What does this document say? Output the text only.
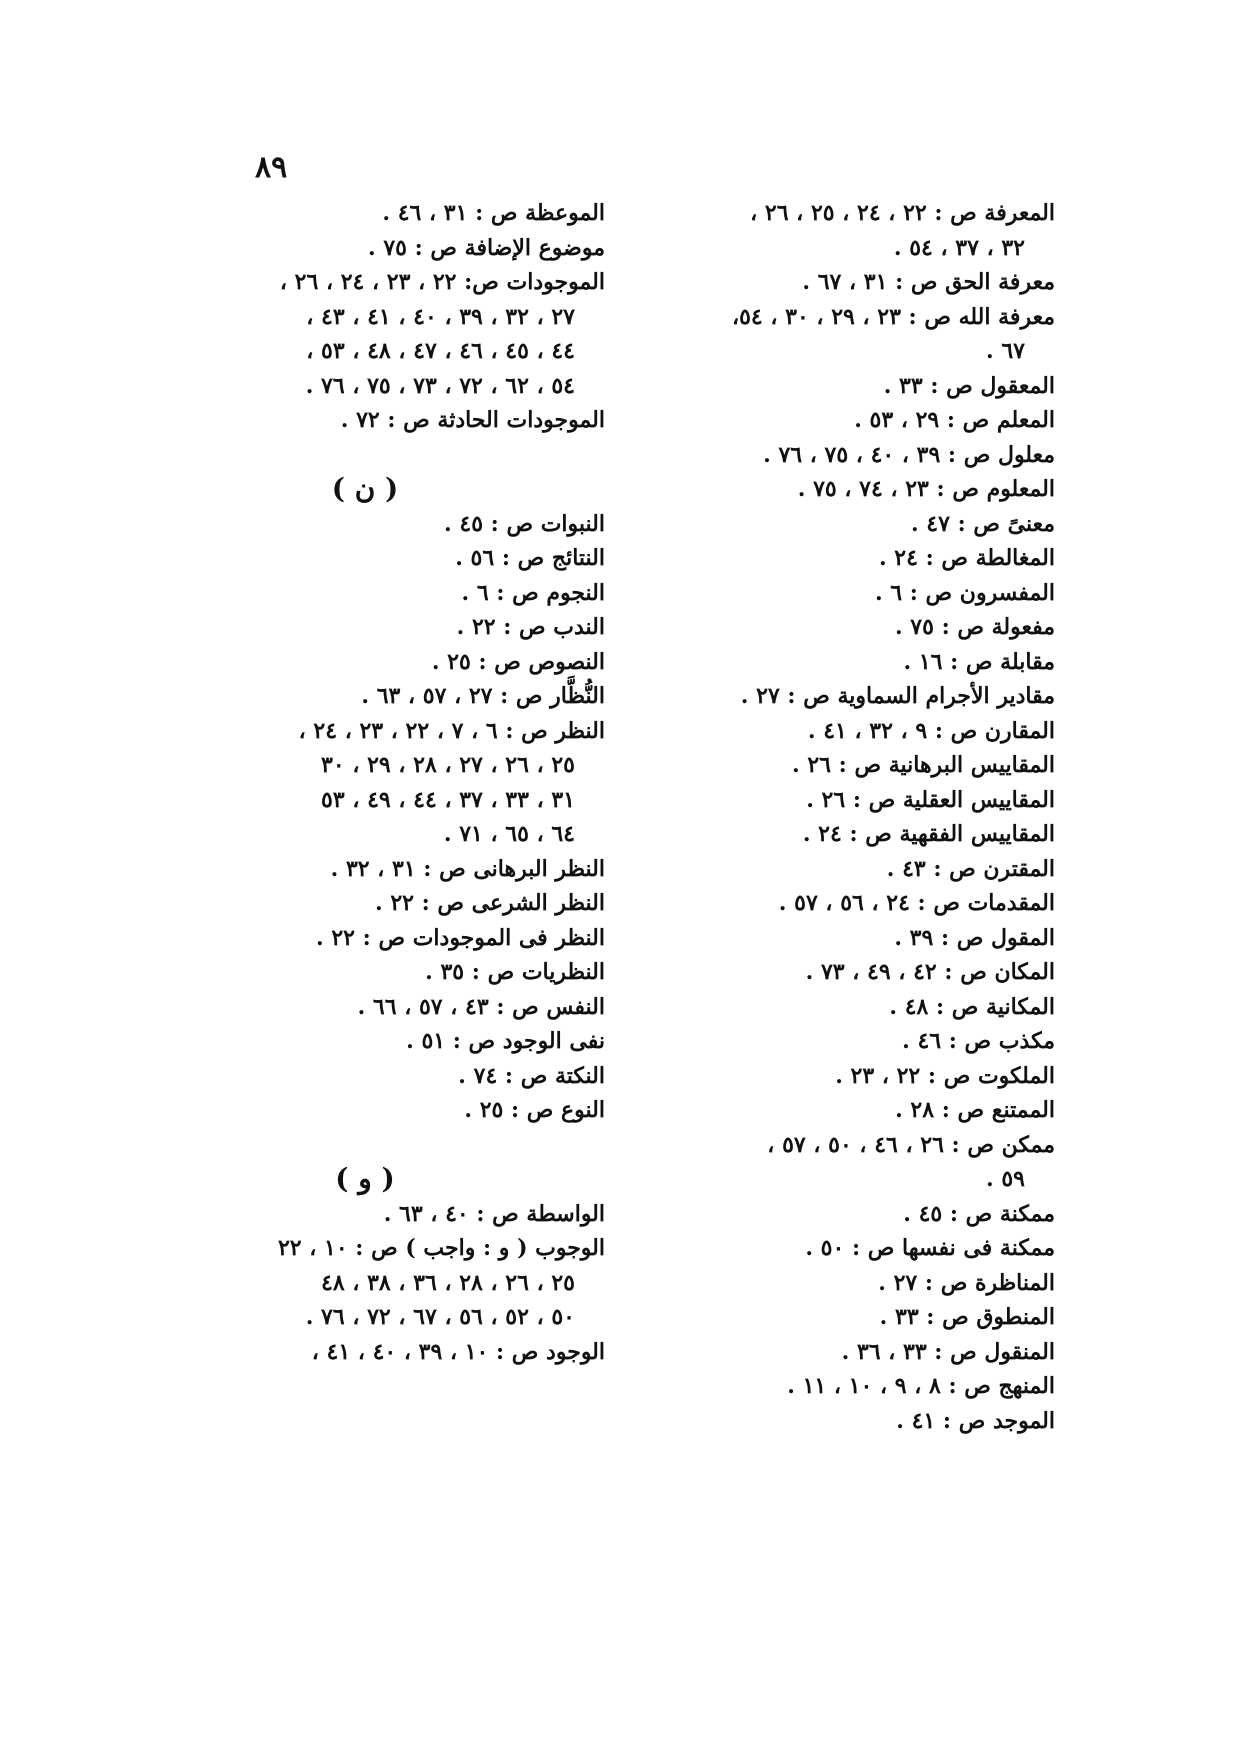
٨٩
المعرفة ص : ٢٢ ، ٢٤ ، ٢٥ ، ٢٦ ،
٣٢ ، ٣٧ ، ٥٤ .
معرفة الحق ص : ٣١ ، ٦٧ .
معرفة الله ص : ٢٣ ، ٢٩ ، ٣٠ ، ٥٤،
٦٧ .
المعقول ص : ٣٣ .
المعلم ص : ٢٩ ، ٥٣ .
معلول ص : ٣٩ ، ٤٠ ، ٧٥ ، ٧٦ .
المعلوم ص : ٢٣ ، ٧٤ ، ٧٥ .
معنىً ص : ٤٧ .
المغالطة ص : ٢٤ .
المفسرون ص : ٦ .
مفعولة ص : ٧٥ .
مقابلة ص : ١٦ .
مقادير الأجرام السماوية ص : ٢٧ .
المقارن ص : ٩ ، ٣٢ ، ٤١ .
المقاييس البرهانية ص : ٢٦ .
المقاييس العقلية ص : ٢٦ .
المقاييس الفقهية ص : ٢٤ .
المقترن ص : ٤٣ .
المقدمات ص : ٢٤ ، ٥٦ ، ٥٧ .
المقول ص : ٣٩ .
المكان ص : ٤٢ ، ٤٩ ، ٧٣ .
المكانية ص : ٤٨ .
مكذب ص : ٤٦ .
الملكوت ص : ٢٢ ، ٢٣ .
الممتنع ص : ٢٨ .
ممكن ص : ٢٦ ، ٤٦ ، ٥٠ ، ٥٧ ،
٥٩ .
ممكنة ص : ٤٥ .
ممكنة فى نفسها ص : ٥٠ .
المناظرة ص : ٢٧ .
المنطوق ص : ٣٣ .
المنقول ص : ٣٣ ، ٣٦ .
المنهج ص : ٨ ، ٩ ، ١٠ ، ١١ .
الموجد ص : ٤١ .
الموعظة ص : ٣١ ، ٤٦ .
موضوع الإضافة ص : ٧٥ .
الموجودات ص: ٢٢ ، ٢٣ ، ٢٤ ، ٢٦ ،
٢٧ ، ٣٢ ، ٣٩ ، ٤٠ ، ٤١ ، ٤٣ ،
٤٤ ، ٤٥ ، ٤٦ ، ٤٧ ، ٤٨ ، ٥٣ ،
٥٤ ، ٦٢ ، ٧٢ ، ٧٣ ، ٧٥ ، ٧٦ .
الموجودات الحادثة ص : ٧٢ .
( ن )
النبوات ص : ٤٥ .
النتائج ص : ٥٦ .
النجوم ص : ٦ .
الندب ص : ٢٢ .
النصوص ص : ٢٥ .
النُّظَّار ص : ٢٧ ، ٥٧ ، ٦٣ .
النظر ص : ٦ ، ٧ ، ٢٢ ، ٢٣ ، ٢٤ ،
٢٥ ، ٢٦ ، ٢٧ ، ٢٨ ، ٢٩ ، ٣٠
٣١ ، ٣٣ ، ٣٧ ، ٤٤ ، ٤٩ ، ٥٣
٦٤ ، ٦٥ ، ٧١ .
النظر البرهانى ص : ٣١ ، ٣٢ .
النظر الشرعى ص : ٢٢ .
النظر فى الموجودات ص : ٢٢ .
النظريات ص : ٣٥ .
النفس ص : ٤٣ ، ٥٧ ، ٦٦ .
نفى الوجود ص : ٥١ .
النكتة ص : ٧٤ .
النوع ص : ٢٥ .
( و )
الواسطة ص : ٤٠ ، ٦٣ .
الوجوب ( و : واجب ) ص : ١٠ ، ٢٢
٢٥ ، ٢٦ ، ٢٨ ، ٣٦ ، ٣٨ ، ٤٨
٥٠ ، ٥٢ ، ٥٦ ، ٦٧ ، ٧٢ ، ٧٦ .
الوجود ص : ١٠ ، ٣٩ ، ٤٠ ، ٤١ ،
